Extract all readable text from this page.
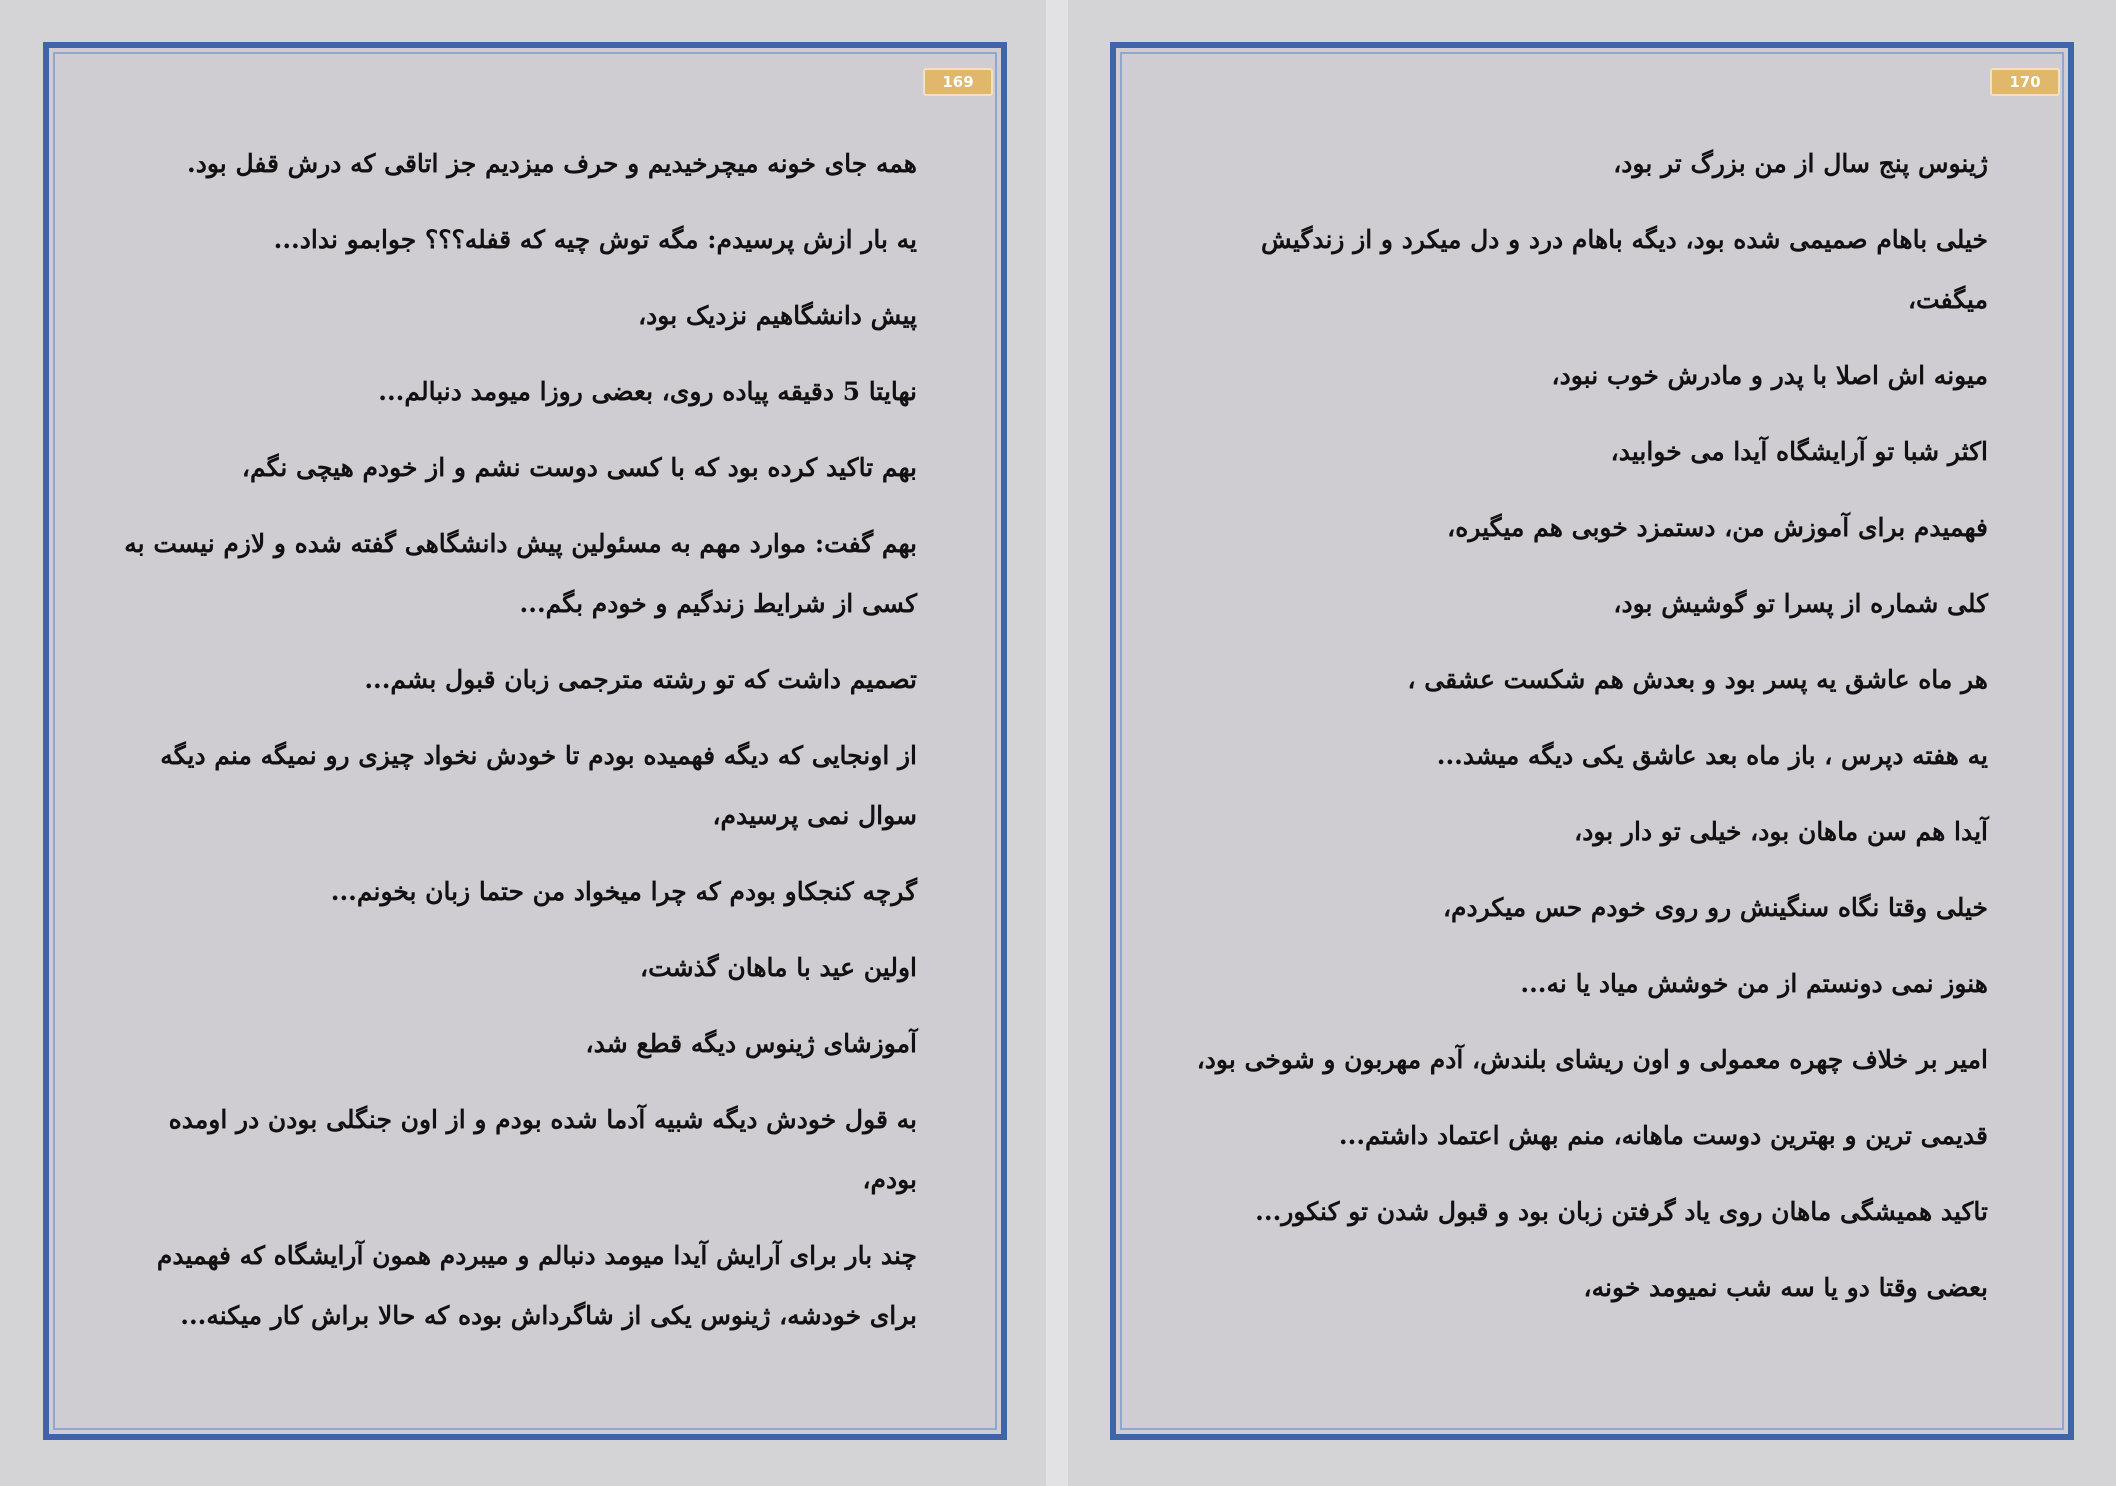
169

همه جای خونه میچرخیدیم و حرف میزدیم جز اتاقی که درش قفل بود.

یه بار ازش پرسیدم: مگه توش چیه که قفله؟؟؟ جوابمو نداد...

پیش دانشگاهیم نزدیک بود،

نهایتا 5 دقیقه پیاده روی، بعضی روزا میومد دنبالم...

بهم تاکید کرده بود که با کسی دوست نشم و از خودم هیچی نگم،

بهم گفت: موارد مهم به مسئولین پیش دانشگاهی گفته شده و لازم نیست به کسی از شرایط زندگیم و خودم بگم...

تصمیم داشت که تو رشته مترجمی زبان قبول بشم...

از اونجایی که دیگه فهمیده بودم تا خودش نخواد چیزی رو نمیگه منم دیگه سوال نمی پرسیدم،

گرچه کنجکاو بودم که چرا میخواد من حتما زبان بخونم...

اولین عید با ماهان گذشت،

آموزشای ژینوس دیگه قطع شد،

به قول خودش دیگه شبیه آدما شده بودم و از اون جنگلی بودن در اومده بودم،

چند بار برای آرایش آیدا میومد دنبالم و میبردم همون آرایشگاه که فهمیدم برای خودشه، ژینوس یکی از شاگرداش بوده که حالا براش کار میکنه...

170

ژینوس پنج سال از من بزرگ تر بود،

خیلی باهام صمیمی شده بود، دیگه باهام درد و دل میکرد و از زندگیش میگفت،

میونه اش اصلا با پدر و مادرش خوب نبود،

اکثر شبا تو آرایشگاه آیدا می خوابید،

فهمیدم برای آموزش من، دستمزد خوبی هم میگیره،

کلی شماره از پسرا تو گوشیش بود،

هر ماه عاشق یه پسر بود و بعدش هم شکست عشقی ،

یه هفته دپرس ، باز ماه بعد عاشق یکی دیگه میشد...

آیدا هم سن ماهان بود، خیلی تو دار بود،

خیلی وقتا نگاه سنگینش رو روی خودم حس میکردم،

هنوز نمی دونستم از من خوشش میاد یا نه...

امیر بر خلاف چهره معمولی و اون ریشای بلندش، آدم مهربون و شوخی بود،

قدیمی ترین و بهترین دوست ماهانه، منم بهش اعتماد داشتم...

تاکید همیشگی ماهان روی یاد گرفتن زبان بود و قبول شدن تو کنکور...

بعضی وقتا دو یا سه شب نمیومد خونه،
